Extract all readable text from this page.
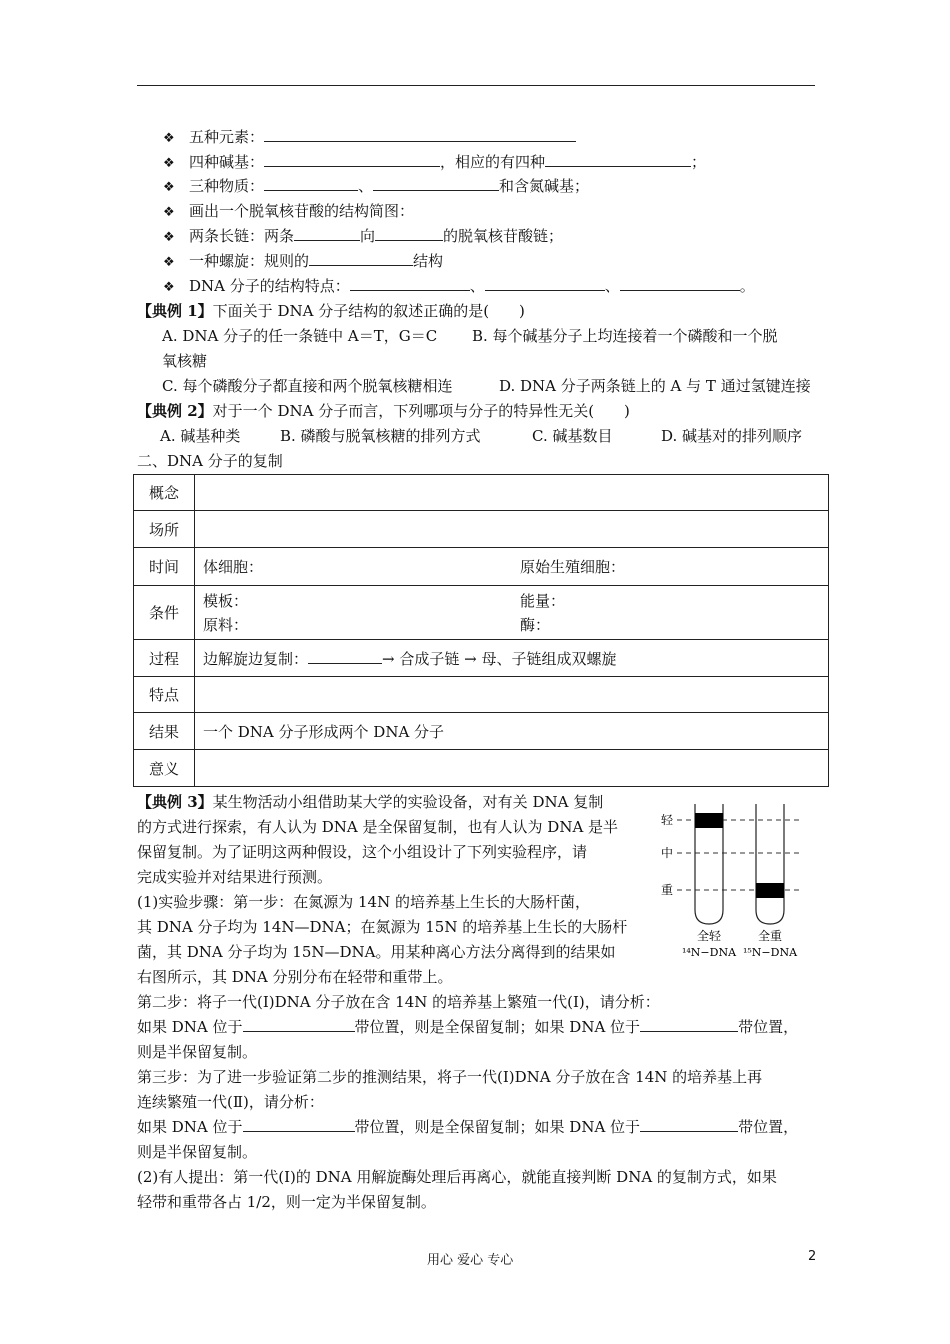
❖ 五种元素：
❖ 四种碱基：	，相应的有四种	；
❖ 三种物质：	、	和含氮碱基；
❖ 画出一个脱氧核苷酸的结构简图：
❖ 两条长链：两条	向	的脱氧核苷酸链；
❖ 一种螺旋：规则的	结构
❖ DNA 分子的结构特点：	、	、	。
【典例 1】下面关于 DNA 分子结构的叙述正确的是(　　)
A. DNA 分子的任一条链中 A＝T，G＝C B. 每个碱基分子上均连接着一个磷酸和一个脱
氧核糖
C. 每个磷酸分子都直接和两个脱氧核糖相连	D. DNA 分子两条链上的 A 与 T 通过氢键连接
【典例 2】对于一个 DNA 分子而言，下列哪项与分子的特异性无关(　　)
A. 碱基种类	B. 磷酸与脱氧核糖的排列方式	C. 碱基数目	D. 碱基对的排列顺序
二、DNA 分子的复制
概念	
场所	
时间	体细胞： 原始生殖细胞：

条件	模板： 能量：
原料： 酶：

过程	边解旋边复制： → 合成子链 → 母、子链组成双螺旋
特点	
结果	一个 DNA 分子形成两个 DNA 分子
意义	
【典例 3】某生物活动小组借助某大学的实验设备，对有关 DNA 复制
的方式进行探索，有人认为 DNA 是全保留复制，也有人认为 DNA 是半
保留复制。为了证明这两种假设，这个小组设计了下列实验程序，请
完成实验并对结果进行预测。
(1)实验步骤：第一步：在氮源为 14N 的培养基上生长的大肠杆菌，
其 DNA 分子均为 14N—DNA；在氮源为 15N 的培养基上生长的大肠杆
菌，其 DNA 分子均为 15N—DNA。用某种离心方法分离得到的结果如
右图所示，其 DNA 分别分布在轻带和重带上。
轻
中
重
全轻	全重
¹⁴N−DNA ¹⁵N−DNA
第二步：将子一代(Ⅰ)DNA 分子放在含 14N 的培养基上繁殖一代(Ⅰ)，请分析：
如果 DNA 位于	带位置，则是全保留复制；如果 DNA 位于	带位置，
则是半保留复制。
第三步：为了进一步验证第二步的推测结果，将子一代(Ⅰ)DNA 分子放在含 14N 的培养基上再
连续繁殖一代(Ⅱ)，请分析：
如果 DNA 位于	带位置，则是全保留复制；如果 DNA 位于	带位置，
则是半保留复制。
(2)有人提出：第一代(Ⅰ)的 DNA 用解旋酶处理后再离心，就能直接判断 DNA 的复制方式，如果
轻带和重带各占 1/2，则一定为半保留复制。
用心 爱心 专心	2
